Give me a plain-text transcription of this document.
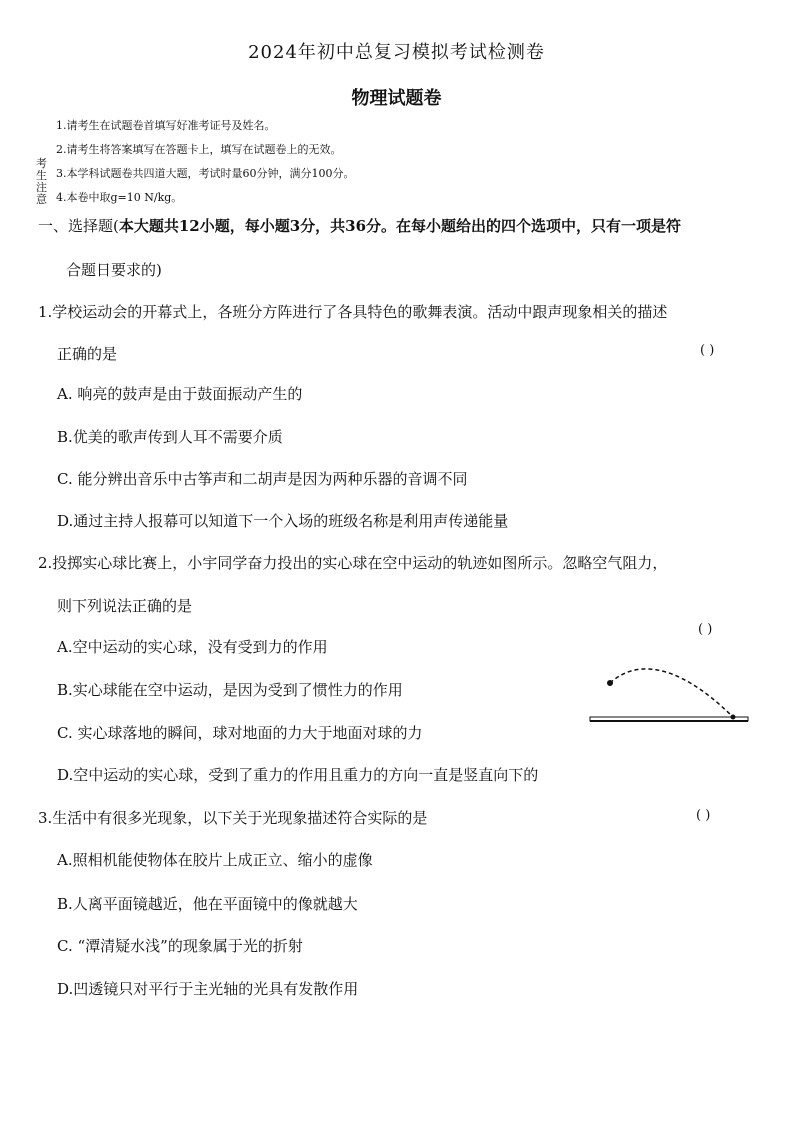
2024年初中总复习模拟考试检测卷
物理试题卷
考生注意
1.请考生在试题卷首填写好准考证号及姓名。
2.请考生将答案填写在答题卡上，填写在试题卷上的无效。
3.本学科试题卷共四道大题，考试时量60分钟，满分100分。
4.本卷中取g=10 N/kg。
一、选择题(本大题共12小题，每小题3分，共36分。在每小题给出的四个选项中，只有一项是符
合题日要求的)
1.学校运动会的开幕式上，各班分方阵进行了各具特色的歌舞表演。活动中跟声现象相关的描述
正确的是	( )
A. 响亮的鼓声是由于鼓面振动产生的
B.优美的歌声传到人耳不需要介质
C. 能分辨出音乐中古筝声和二胡声是因为两种乐器的音调不同
D.通过主持人报幕可以知道下一个入场的班级名称是利用声传递能量
2.投掷实心球比赛上，小宇同学奋力投出的实心球在空中运动的轨迹如图所示。忽略空气阻力，
则下列说法正确的是
( )
A.空中运动的实心球，没有受到力的作用
B.实心球能在空中运动，是因为受到了惯性力的作用
C. 实心球落地的瞬间，球对地面的力大于地面对球的力
D.空中运动的实心球，受到了重力的作用且重力的方向一直是竖直向下的
3.生活中有很多光现象，以下关于光现象描述符合实际的是	( )
A.照相机能使物体在胶片上成正立、缩小的虚像
B.人离平面镜越近，他在平面镜中的像就越大
C. “潭清疑水浅”的现象属于光的折射
D.凹透镜只对平行于主光轴的光具有发散作用
